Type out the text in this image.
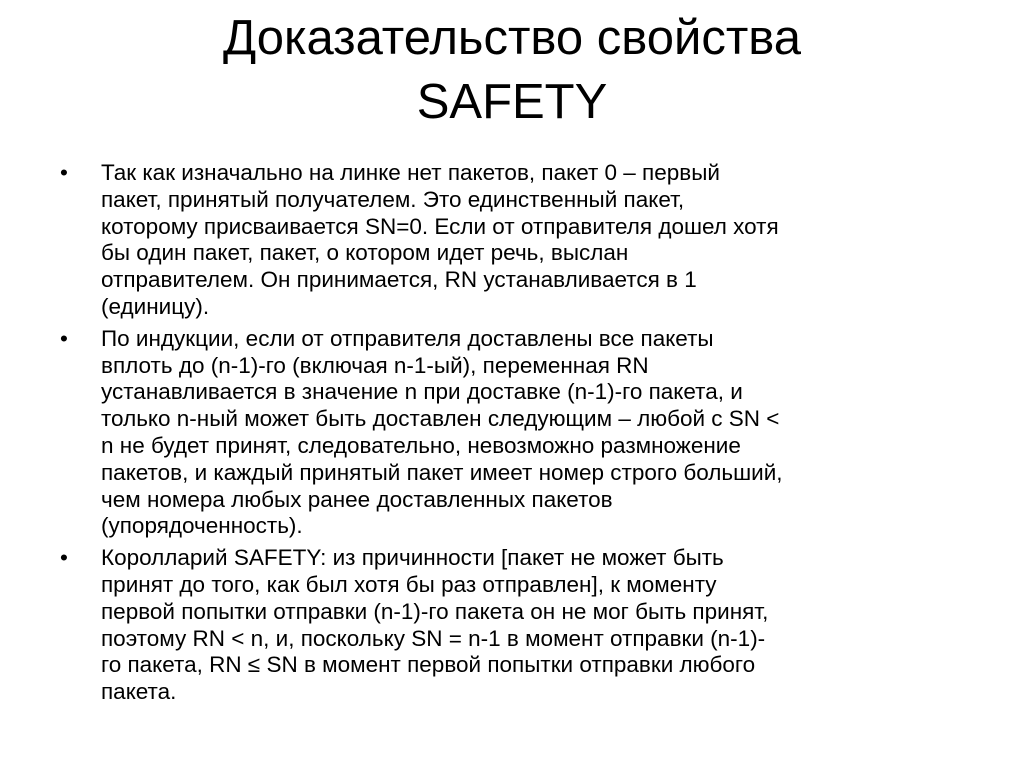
Доказательство свойства
SAFETY
• Так как изначально на линке нет пакетов, пакет 0 – первый
пакет, принятый получателем. Это единственный пакет,
которому присваивается SN=0. Если от отправителя дошел хотя
бы один пакет, пакет, о котором идет речь, выслан
отправителем. Он принимается, RN устанавливается в 1
(единицу).
• По индукции, если от отправителя доставлены все пакеты
вплоть до (n-1)-го (включая n-1-ый), переменная RN
устанавливается в значение n при доставке (n-1)-го пакета, и
только n-ный может быть доставлен следующим – любой с SN <
n не будет принят, следовательно, невозможно размножение
пакетов, и каждый принятый пакет имеет номер строго больший,
чем номера любых ранее доставленных пакетов
(упорядоченность).
• Королларий SAFETY: из причинности [пакет не может быть
принят до того, как был хотя бы раз отправлен], к моменту
первой попытки отправки (n-1)-го пакета он не мог быть принят,
поэтому RN < n, и, поскольку SN = n-1 в момент отправки (n-1)-
го пакета, RN ≤ SN в момент первой попытки отправки любого
пакета.
